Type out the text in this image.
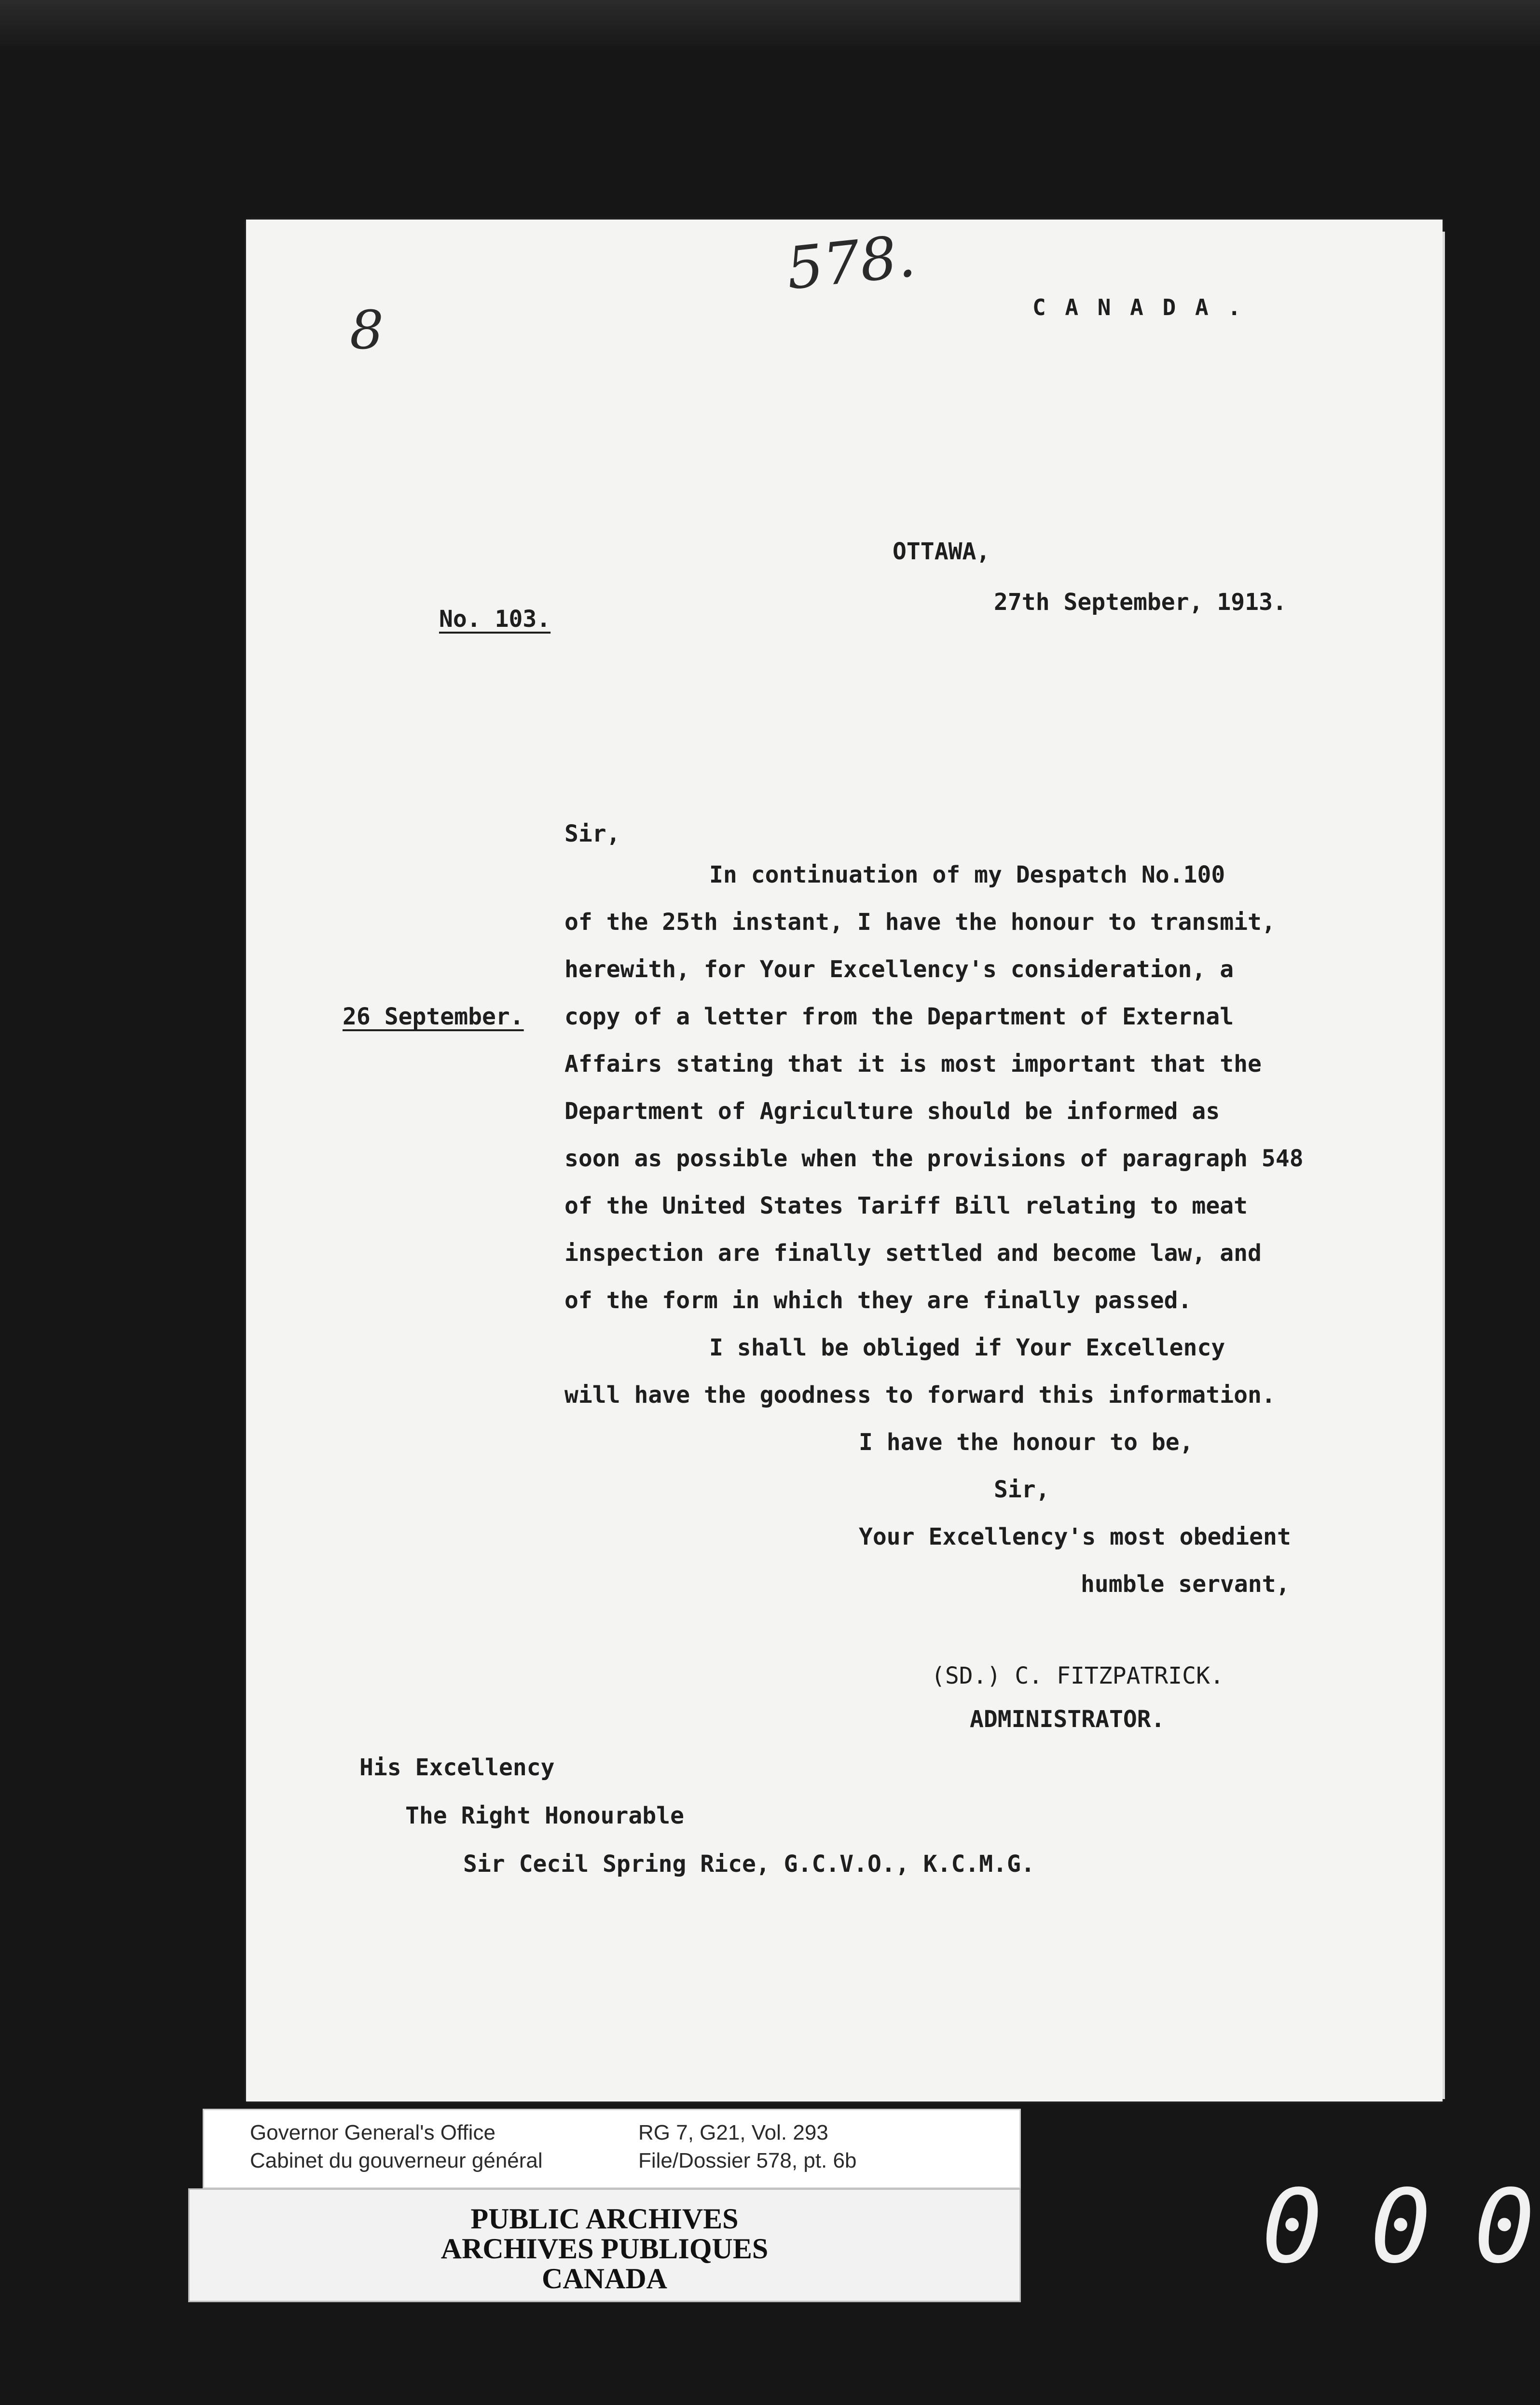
578.
8	C A N A D A .
OTTAWA,
27th September, 1913.
No. 103.
Sir,
In continuation of my Despatch No.100
of the 25th instant, I have the honour to transmit,
herewith, for Your Excellency's consideration, a
26 September. copy of a letter from the Department of External
Affairs stating that it is most important that the
Department of Agriculture should be informed as
soon as possible when the provisions of paragraph 548
of the United States Tariff Bill relating to meat
inspection are finally settled and become law, and
of the form in which they are finally passed.
I shall be obliged if Your Excellency
will have the goodness to forward this information.
I have the honour to be,
Sir,
Your Excellency's most obedient
humble servant,
(SD.) C. FITZPATRICK.
ADMINISTRATOR.
His Excellency
The Right Honourable
Sir Cecil Spring Rice, G.C.V.O., K.C.M.G.
Governor General's Office
Cabinet du gouverneur général
RG 7, G21, Vol. 293
File/Dossier 578, pt. 6b
PUBLIC ARCHIVES
ARCHIVES PUBLIQUES
CANADA	0 0 0
